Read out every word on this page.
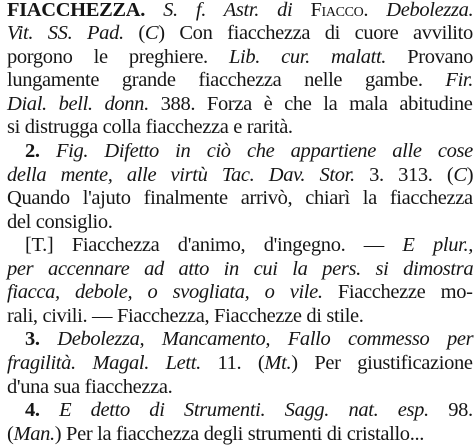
FIACCHEZZA. S. f. Astr. di Fiacco. Debolezza.
Vit. SS. Pad. (C) Con fiacchezza di cuore avvilito
porgono le preghiere. Lib. cur. malatt. Provano
lungamente grande fiacchezza nelle gambe. Fir.
Dial. bell. donn. 388. Forza è che la mala abitudine
si distrugga colla fiacchezza e rarità.
2. Fig. Difetto in ciò che appartiene alle cose
della mente, alle virtù Tac. Dav. Stor. 3. 313. (C)
Quando l'ajuto finalmente arrivò, chiarì la fiacchezza
del consiglio.
[T.] Fiacchezza d'animo, d'ingegno. — E plur.,
per accennare ad atto in cui la pers. si dimostra
fiacca, debole, o svogliata, o vile. Fiacchezze mo-
rali, civili. — Fiacchezza, Fiacchezze di stile.
3. Debolezza, Mancamento, Fallo commesso per
fragilità. Magal. Lett. 11. (Mt.) Per giustificazione
d'una sua fiacchezza.
4. E detto di Strumenti. Sagg. nat. esp. 98.
(Man.) Per la fiacchezza degli strumenti di cristallo...
